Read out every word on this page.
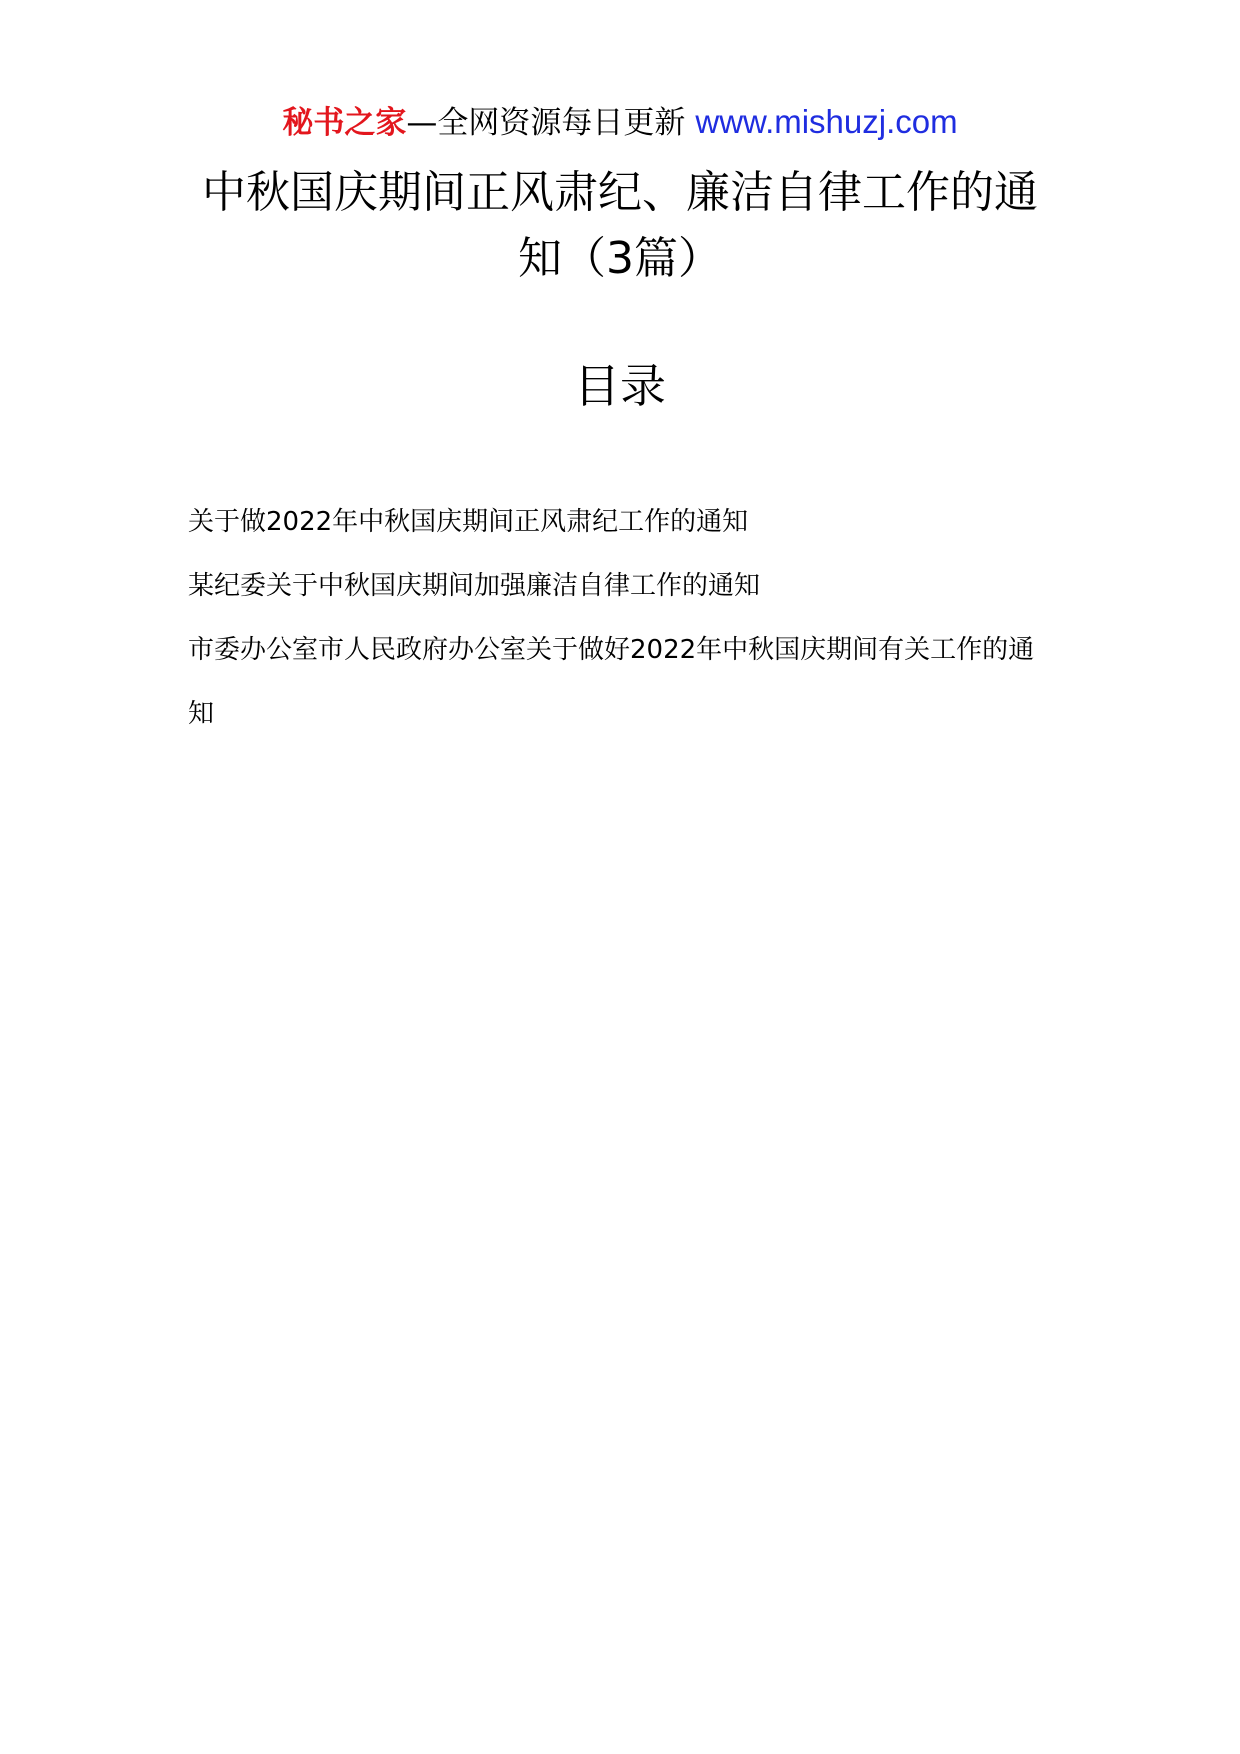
秘书之家—全网资源每日更新 www.mishuzj.com
中秋国庆期间正风肃纪、廉洁自律工作的通知（3篇）
目录
关于做2022年中秋国庆期间正风肃纪工作的通知
某纪委关于中秋国庆期间加强廉洁自律工作的通知
市委办公室市人民政府办公室关于做好2022年中秋国庆期间有关工作的通知
